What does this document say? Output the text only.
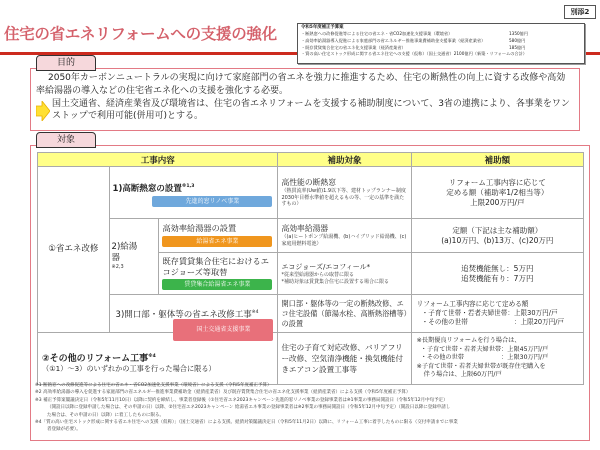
住宅の省エネリフォームへの支援の強化
別添2
令和5年度補正予算案
・断熱窓への改修促進等による住宅の省エネ・省CO2加速化支援事業（環境省）	1350億円
・高効率給湯器導入促進による家庭部門の省エネルギー推進事業費補助金支援事業（経済産業省）	580億円
・既存賃貸集合住宅の省エネ化支援事業（経済産業省）	185億円
・質の高い住宅ストック形成に関する省エネ住宅への支援（仮称）（国土交通省）2100億円（新築・リフォームの合計）
目的
2050年カーボンニュートラルの実現に向けて家庭部門の省エネを強力に推進するため、住宅の断熱性の向上に資する改修や高効率給湯器の導入などの住宅省エネ化への支援を強化する必要。
国土交通省、経済産業省及び環境省は、住宅の省エネリフォームを支援する補助制度について、3省の連携により、各事業をワンストップで利用可能(併用可)とする。
対象
工事内容			補助対象	補助額
①省エネ改修	
1)高断熱窓の設置$^{※1,3}$
先進的窓リノベ事業

高性能の断熱窓
（熱貫流率(Uw値)1.9以下等、建材トップランナー制度2030年目標水準値を超えるもの等、一定の基準を満たすもの）

リフォーム工事内容に応じて
定める額（補助率1/2相当等）
上限200万円/戸

2)給湯器
※2,3

高効率給湯器の設置
給湯省エネ事業

高効率給湯器
（(a)ヒートポンプ給湯機、(b)ハイブリッド給湯機、(c)家庭用燃料電池）

定額（下記は主な補助額）
(a)10万円、(b)13万、(c)20万円

既存賃貸集合住宅におけるエコジョーズ等取替
賃貸集合給湯省エネ事業

エコジョーズ/エコフィール*
*従来型給湯器からの取替に限る
*補助対象は賃貸集合住宅に設置する場合に限る

追焚機能無し：5万円
追焚機能有り：7万円

3)開口部・躯体等の省エネ改修工事$^{※4}$
国土交通省支援事業
	開口部・躯体等の一定の断熱改修、エコ住宅設備（節湯水栓、高断熱浴槽等）の設置	
リフォーム工事内容に応じて定める額
・子育て世帯・若者夫婦世帯：上限30万円/戸
・その他の世帯　　　　　　　：上限20万円/戸

②その他のリフォーム工事$^{※4}$
（①1）～3）のいずれかの工事を行った場合に限る）
	住宅の子育て対応改修、バリアフリー改修、空気清浄機能・換気機能付きエアコン設置工事等	
※長期優良リフォームを行う場合は、
・子育て世帯・若者夫婦世帯：上限45万円/戸
・その他の世帯　　　　　　：上限30万円/戸
※子育て世帯・若者夫婦世帯が既存住宅購入を
伴う場合は、上限60万円/戸
※1 断熱窓への改修促進等による住宅の省エネ・省CO2加速化支援事業（環境省）による支援（令和5年度補正予算）
※2 高効率給湯器の導入を促進する家庭部門の省エネルギー推進事業費補助金（経済産業省）及び既存賃貸集合住宅の省エネ化支援事業（経済産業省）による支援（令和5年度補正予算）
※3 補正予算案閣議決定日（令和5年11月10日）以降に契約を締結し、事業者登録後（①住宅省エネ2023キャンペーン先進的窓リノベ事業の登録事業者は※1事業の事務局開設日（令和5年12月中旬予定）
（開設日以降に登録申請した場合は、その申請の日）以降、②住宅省エネ2023キャンペーン 給湯省エネ事業の登録事業者は※2事業の事務局開設日（令和5年12月中旬予定）（開設日以降に登録申請し
た場合は、その申請の日）以降）に着工したものに限る。
※4「質の高い住宅ストック形成に関する省エネ住宅への支援（仮称）」（国土交通省）による支援。経済対策閣議決定日（令和5年11月2日）以降に、リフォーム工事に着手したものに限る（交付申請までに事業
者登録が必要）。
